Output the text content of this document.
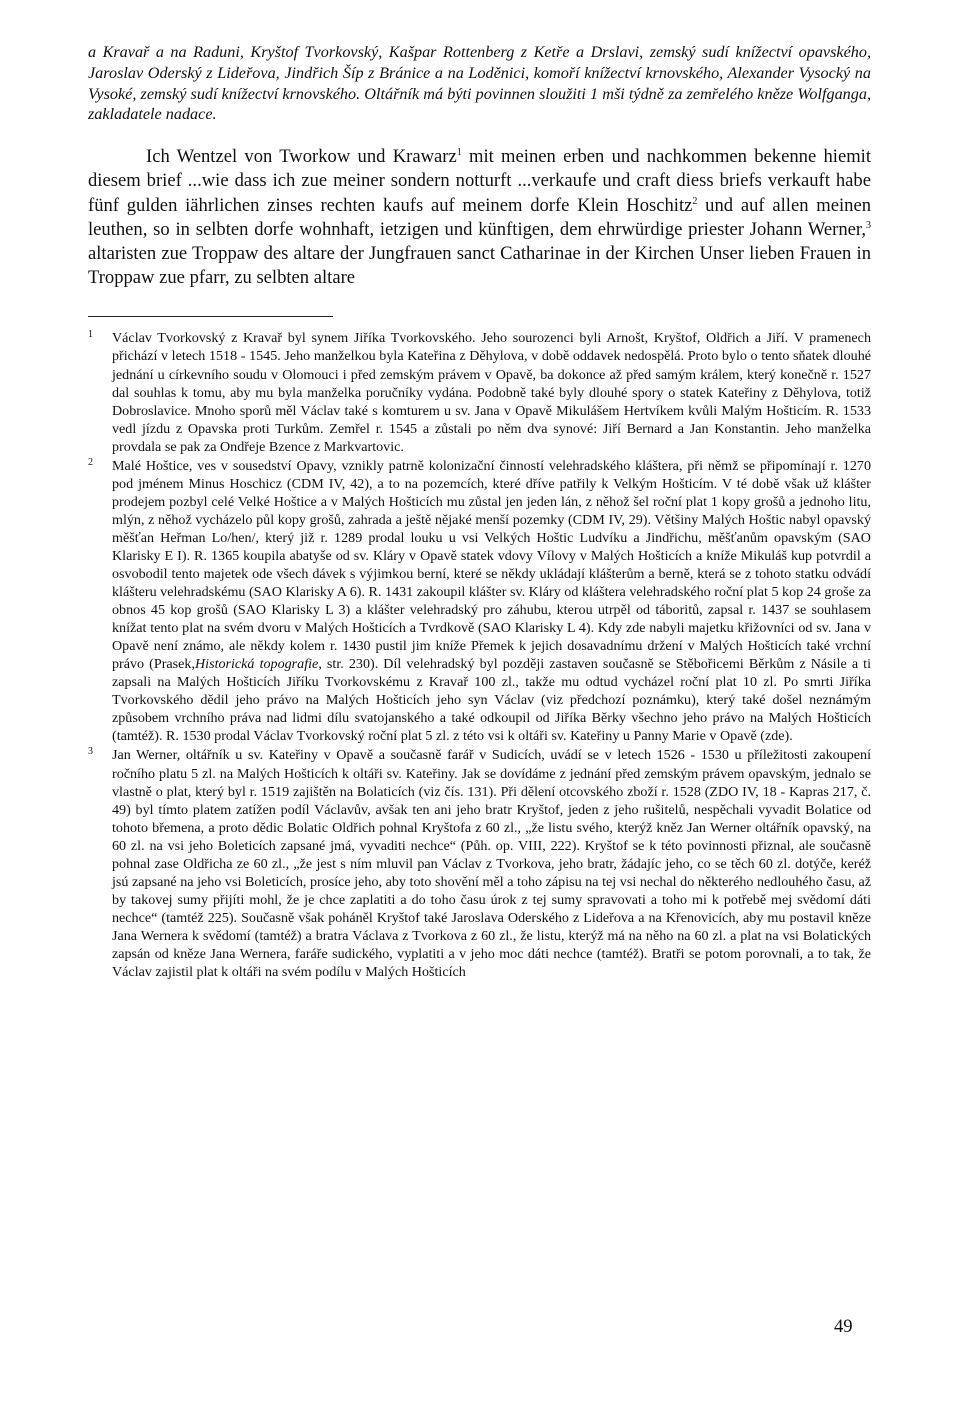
a Kravař a na Raduni, Kryštof Tvorkovský, Kašpar Rottenberg z Ketře a Drslavi, zemský sudí knížectví opavského, Jaroslav Oderský z Lideřova, Jindřich Šíp z Bránice a na Loděnici, komoří knížectví krnovského, Alexander Vysocký na Vysoké, zemský sudí knížectví krnovského. Oltářník má býti povinnen sloužiti 1 mši týdně za zemřelého kněze Wolfganga, zakladatele nadace.

Ich Wentzel von Tworkow und Krawarz$^1$ mit meinen erben und nachkommen bekenne hiemit diesem brief ...wie dass ich zue meiner sondern notturft ...verkaufe und craft diess briefs verkauft habe fünf gulden iährlichen zinses rechten kaufs auf meinem dorfe Klein Hoschitz$^2$ und auf allen meinen leuthen, so in selbten dorfe wohnhaft, ietzigen und künftigen, dem ehrwürdige priester Johann Werner,$^3$ altaristen zue Troppaw des altare der Jungfrauen sanct Catharinae in der Kirchen Unser lieben Frauen in Troppaw zue pfarr, zu selbten altare

1 Václav Tvorkovský z Kravař byl synem Jiříka Tvorkovského. Jeho sourozenci byli Arnošt, Kryštof, Oldřich a Jiří. V pramenech přichází v letech 1518 - 1545. Jeho manželkou byla Kateřina z Děhylova, v době oddavek nedospělá. Proto bylo o tento sňatek dlouhé jednání u církevního soudu v Olomouci i před zemským právem v Opavě, ba dokonce až před samým králem, který konečně r. 1527 dal souhlas k tomu, aby mu byla manželka poručníky vydána. Podobně také byly dlouhé spory o statek Kateřiny z Děhylova, totiž Dobroslavice. Mnoho sporů měl Václav také s komturem u sv. Jana v Opavě Mikulášem Hertvíkem kvůli Malým Hošticím. R. 1533 vedl jízdu z Opavska proti Turkům. Zemřel r. 1545 a zůstali po něm dva synové: Jiří Bernard a Jan Konstantin. Jeho manželka provdala se pak za Ondřeje Bzence z Markvartovic.
2 Malé Hoštice, ves v sousedství Opavy, vznikly patrně kolonizační činností velehradského kláštera, při němž se připomínají r. 1270 pod jménem Minus Hoschicz (CDM IV, 42), a to na pozemcích, které dříve patřily k Velkým Hošticím. V té době však už klášter prodejem pozbyl celé Velké Hoštice a v Malých Hošticích mu zůstal jen jeden lán, z něhož šel roční plat 1 kopy grošů a jednoho litu, mlýn, z něhož vycházelo půl kopy grošů, zahrada a ještě nějaké menší pozemky (CDM IV, 29). Většiny Malých Hoštic nabyl opavský měšťan Heřman Lo/hen/, který již r. 1289 prodal louku u vsi Velkých Hoštic Ludvíku a Jindřichu, měšťanům opavským (SAO Klarisky E I). R. 1365 koupila abatyše od sv. Kláry v Opavě statek vdovy Vílovy v Malých Hošticích a kníže Mikuláš kup potvrdil a osvobodil tento majetek ode všech dávek s výjimkou berní, které se někdy ukládají klášterům a berně, která se z tohoto statku odvádí klášteru velehradskému (SAO Klarisky A 6). R. 1431 zakoupil klášter sv. Kláry od kláštera velehradského roční plat 5 kop 24 groše za obnos 45 kop grošů (SAO Klarisky L 3) a klášter velehradský pro záhubu, kterou utrpěl od táboritů, zapsal r. 1437 se souhlasem knížat tento plat na svém dvoru v Malých Hošticích a Tvrdkově (SAO Klarisky L 4). Kdy zde nabyli majetku křižovníci od sv. Jana v Opavě není známo, ale někdy kolem r. 1430 pustil jim kníže Přemek k jejich dosavadnímu držení v Malých Hošticích také vrchní právo (Prasek,Historická topografie, str. 230). Díl velehradský byl později zastaven současně se Stěbořicemi Běrkům z Násile a ti zapsali na Malých Hošticích Jiříku Tvorkovskému z Kravař 100 zl., takže mu odtud vycházel roční plat 10 zl. Po smrti Jiříka Tvorkovského dědil jeho právo na Malých Hošticích jeho syn Václav (viz předchozí poznámku), který také došel neznámým způsobem vrchního práva nad lidmi dílu svatojanského a také odkoupil od Jiříka Běrky všechno jeho právo na Malých Hošticích (tamtéž). R. 1530 prodal Václav Tvorkovský roční plat 5 zl. z této vsi k oltáři sv. Kateřiny u Panny Marie v Opavě (zde).
3 Jan Werner, oltářník u sv. Kateřiny v Opavě a současně farář v Sudicích, uvádí se v letech 1526 - 1530 u příležitosti zakoupení ročního platu 5 zl. na Malých Hošticích k oltáři sv. Kateřiny. Jak se dovídáme z jednání před zemským právem opavským, jednalo se vlastně o plat, který byl r. 1519 zajištěn na Bolaticích (viz čís. 131). Při dělení otcovského zboží r. 1528 (ZDO IV, 18 - Kapras 217, č. 49) byl tímto platem zatížen podíl Václavův, avšak ten ani jeho bratr Kryštof, jeden z jeho rušitelů, nespěchali vyvadit Bolatice od tohoto břemena, a proto dědic Bolatic Oldřich pohnal Kryštofa z 60 zl., „že listu svého, kterýž kněz Jan Werner oltářník opavský, na 60 zl. na vsi jeho Boleticích zapsané jmá, vyvaditi nechce“ (Půh. op. VIII, 222). Kryštof se k této povinnosti přiznal, ale současně pohnal zase Oldřicha ze 60 zl., „že jest s ním mluvil pan Václav z Tvorkova, jeho bratr, žádajíc jeho, co se těch 60 zl. dotýče, keréž jsú zapsané na jeho vsi Boleticích, prosíce jeho, aby toto shovění měl a toho zápisu na tej vsi nechal do některého nedlouhého času, až by takovej sumy přijíti mohl, že je chce zaplatiti a do toho času úrok z tej sumy spravovati a toho mi k potřebě mej svědomí dáti nechce“ (tamtéž 225). Současně však poháněl Kryštof také Jaroslava Oderského z Lideřova a na Křenovicích, aby mu postavil kněze Jana Wernera k svědomí (tamtéž) a bratra Václava z Tvorkova z 60 zl., že listu, kterýž má na něho na 60 zl. a plat na vsi Bolatických zapsán od kněze Jana Wernera, faráře sudického, vyplatiti a v jeho moc dáti nechce (tamtéž). Bratři se potom porovnali, a to tak, že Václav zajistil plat k oltáři na svém podílu v Malých Hošticích
49
